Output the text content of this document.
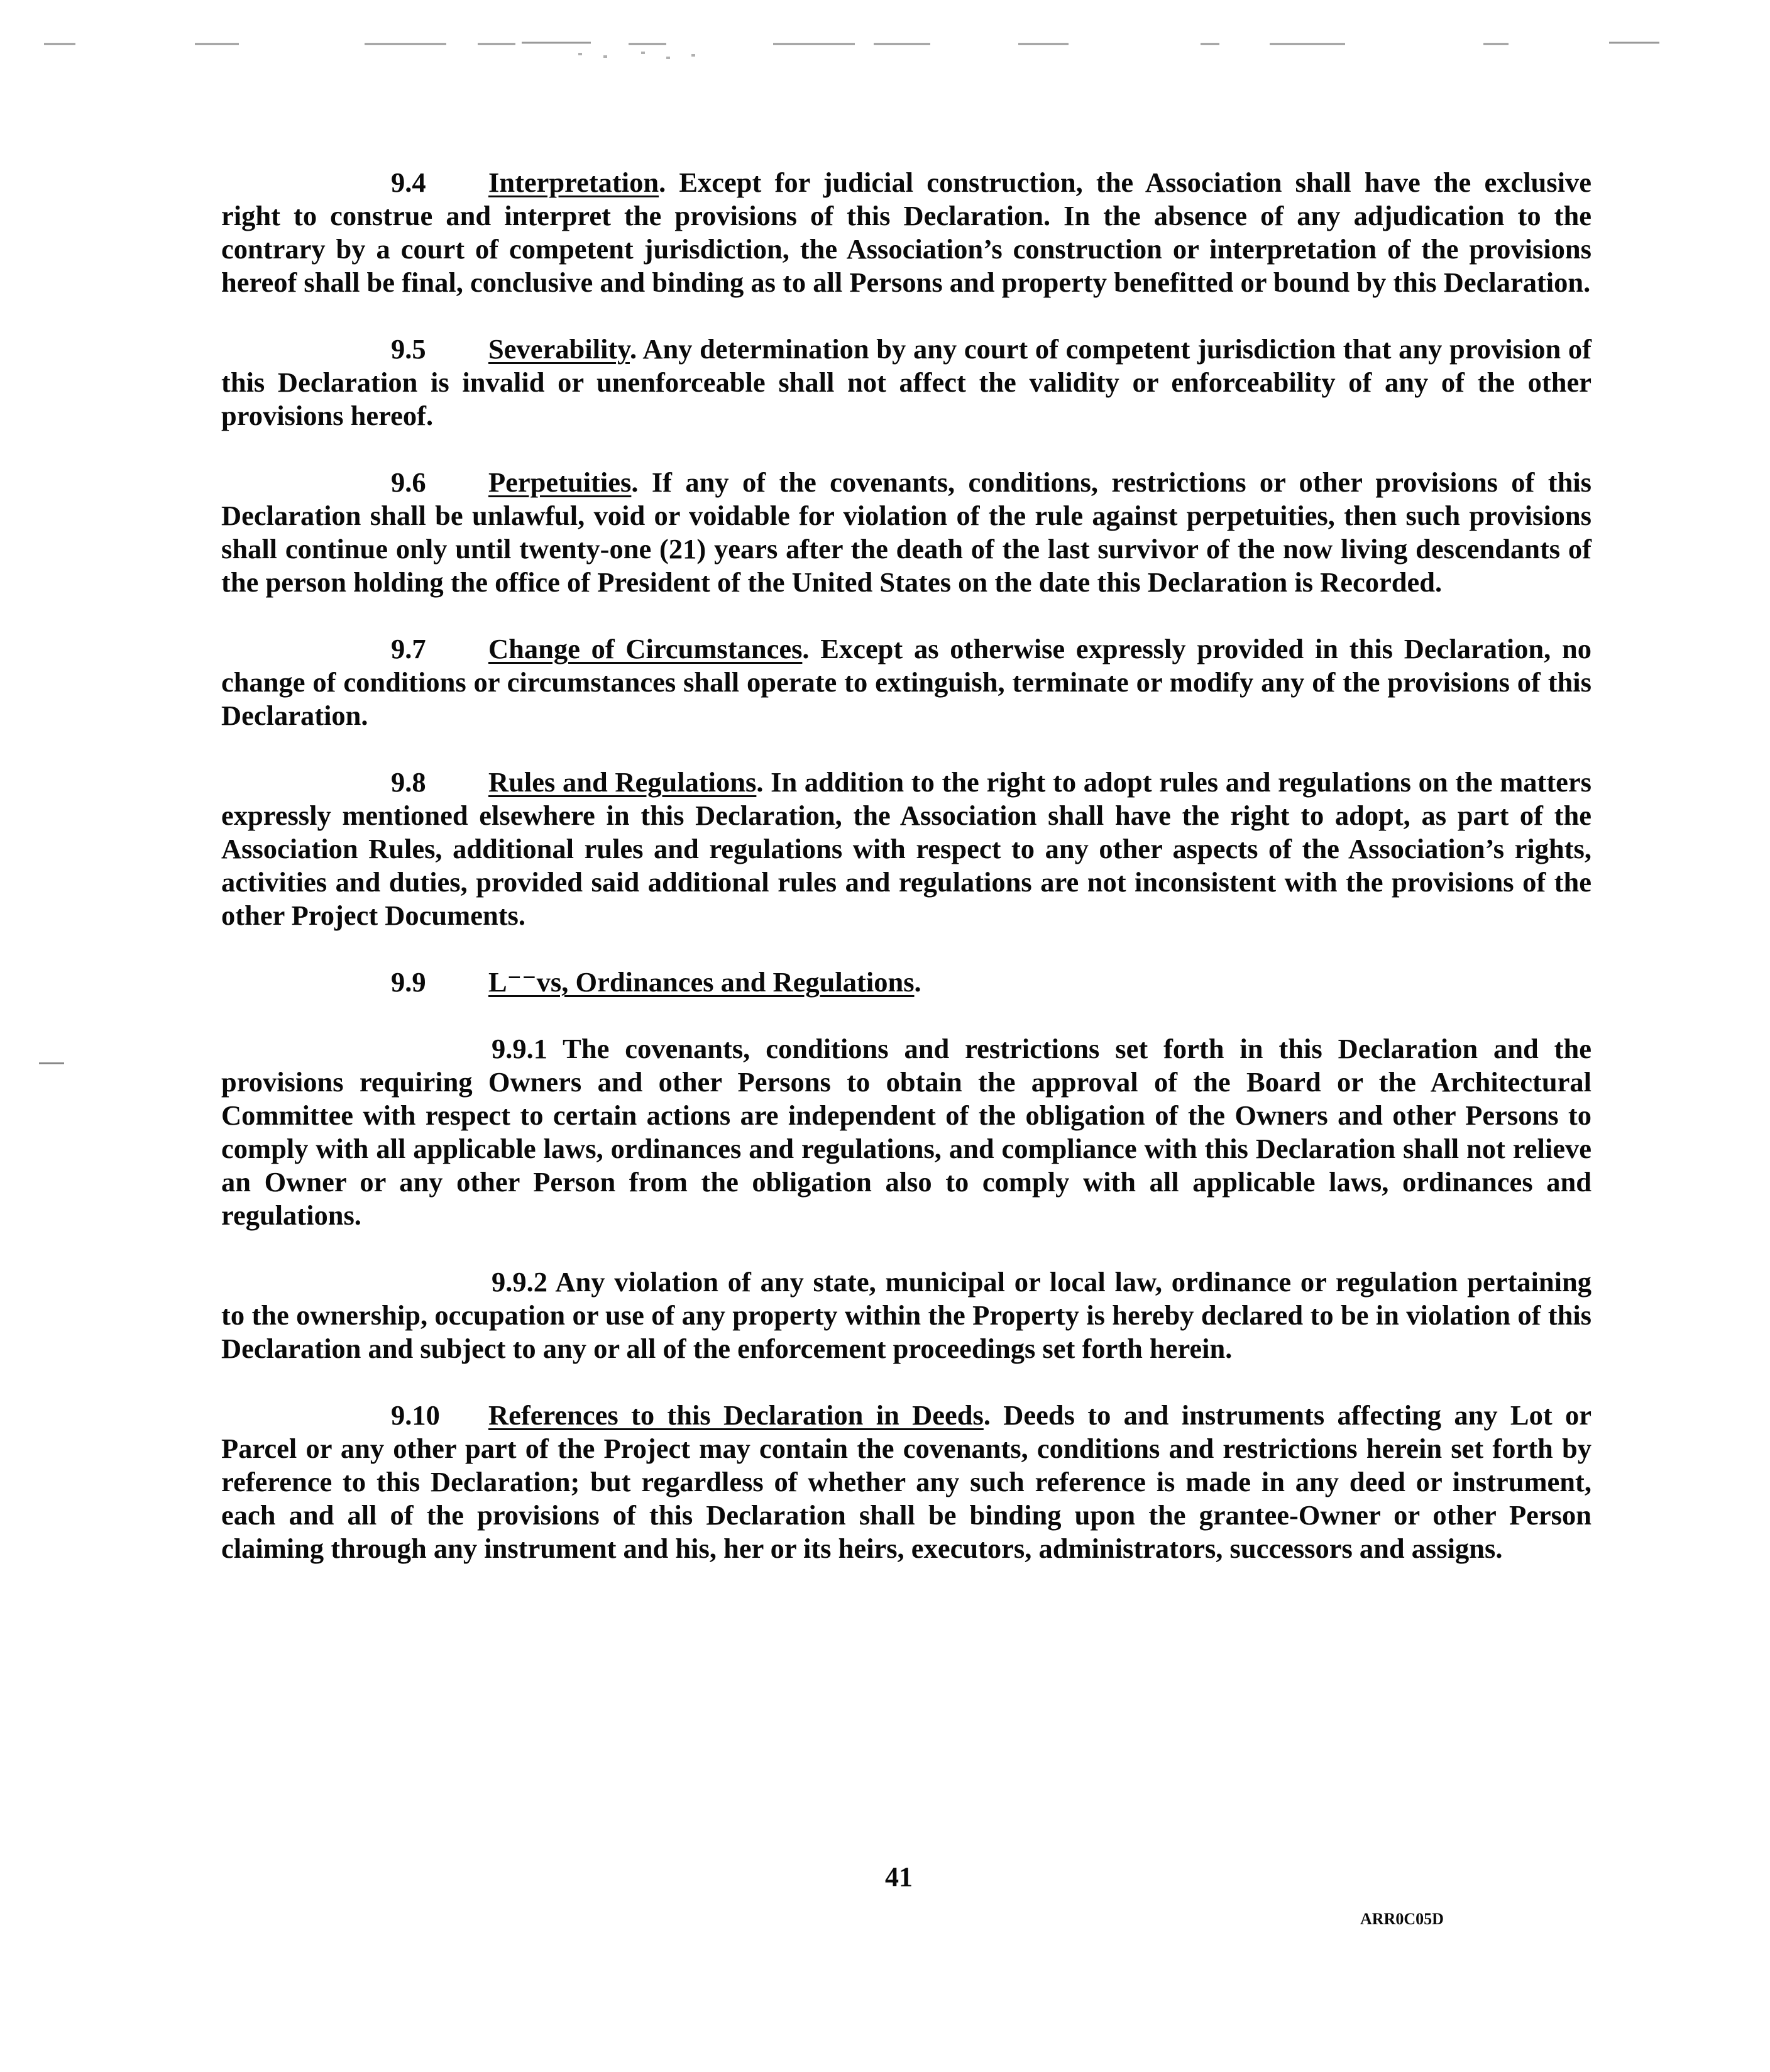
9.4 Interpretation. Except for judicial construction, the Association shall have the exclusive right to construe and interpret the provisions of this Declaration. In the absence of any adjudication to the contrary by a court of competent jurisdiction, the Association’s construction or interpretation of the provisions hereof shall be final, conclusive and binding as to all Persons and property benefitted or bound by this Declaration.

9.5 Severability. Any determination by any court of competent jurisdiction that any provision of this Declaration is invalid or unenforceable shall not affect the validity or enforceability of any of the other provisions hereof.

9.6 Perpetuities. If any of the covenants, conditions, restrictions or other provisions of this Declaration shall be unlawful, void or voidable for violation of the rule against perpetuities, then such provisions shall continue only until twenty-one (21) years after the death of the last survivor of the now living descendants of the person holding the office of President of the United States on the date this Declaration is Recorded.

9.7 Change of Circumstances. Except as otherwise expressly provided in this Declaration, no change of conditions or circumstances shall operate to extinguish, terminate or modify any of the provisions of this Declaration.

9.8 Rules and Regulations. In addition to the right to adopt rules and regulations on the matters expressly mentioned elsewhere in this Declaration, the Association shall have the right to adopt, as part of the Association Rules, additional rules and regulations with respect to any other aspects of the Association’s rights, activities and duties, provided said additional rules and regulations are not inconsistent with the provisions of the other Project Documents.

9.9 L⁻⁻vs, Ordinances and Regulations.

9.9.1 The covenants, conditions and restrictions set forth in this Declaration and the provisions requiring Owners and other Persons to obtain the approval of the Board or the Architectural Committee with respect to certain actions are independent of the obligation of the Owners and other Persons to comply with all applicable laws, ordinances and regulations, and compliance with this Declaration shall not relieve an Owner or any other Person from the obligation also to comply with all applicable laws, ordinances and regulations.

9.9.2 Any violation of any state, municipal or local law, ordinance or regulation pertaining to the ownership, occupation or use of any property within the Property is hereby declared to be in violation of this Declaration and subject to any or all of the enforcement proceedings set forth herein.

9.10 References to this Declaration in Deeds. Deeds to and instruments affecting any Lot or Parcel or any other part of the Project may contain the covenants, conditions and restrictions herein set forth by reference to this Declaration; but regardless of whether any such reference is made in any deed or instrument, each and all of the provisions of this Declaration shall be binding upon the grantee-Owner or other Person claiming through any instrument and his, her or its heirs, executors, administrators, successors and assigns.

41

ARR0C05D
